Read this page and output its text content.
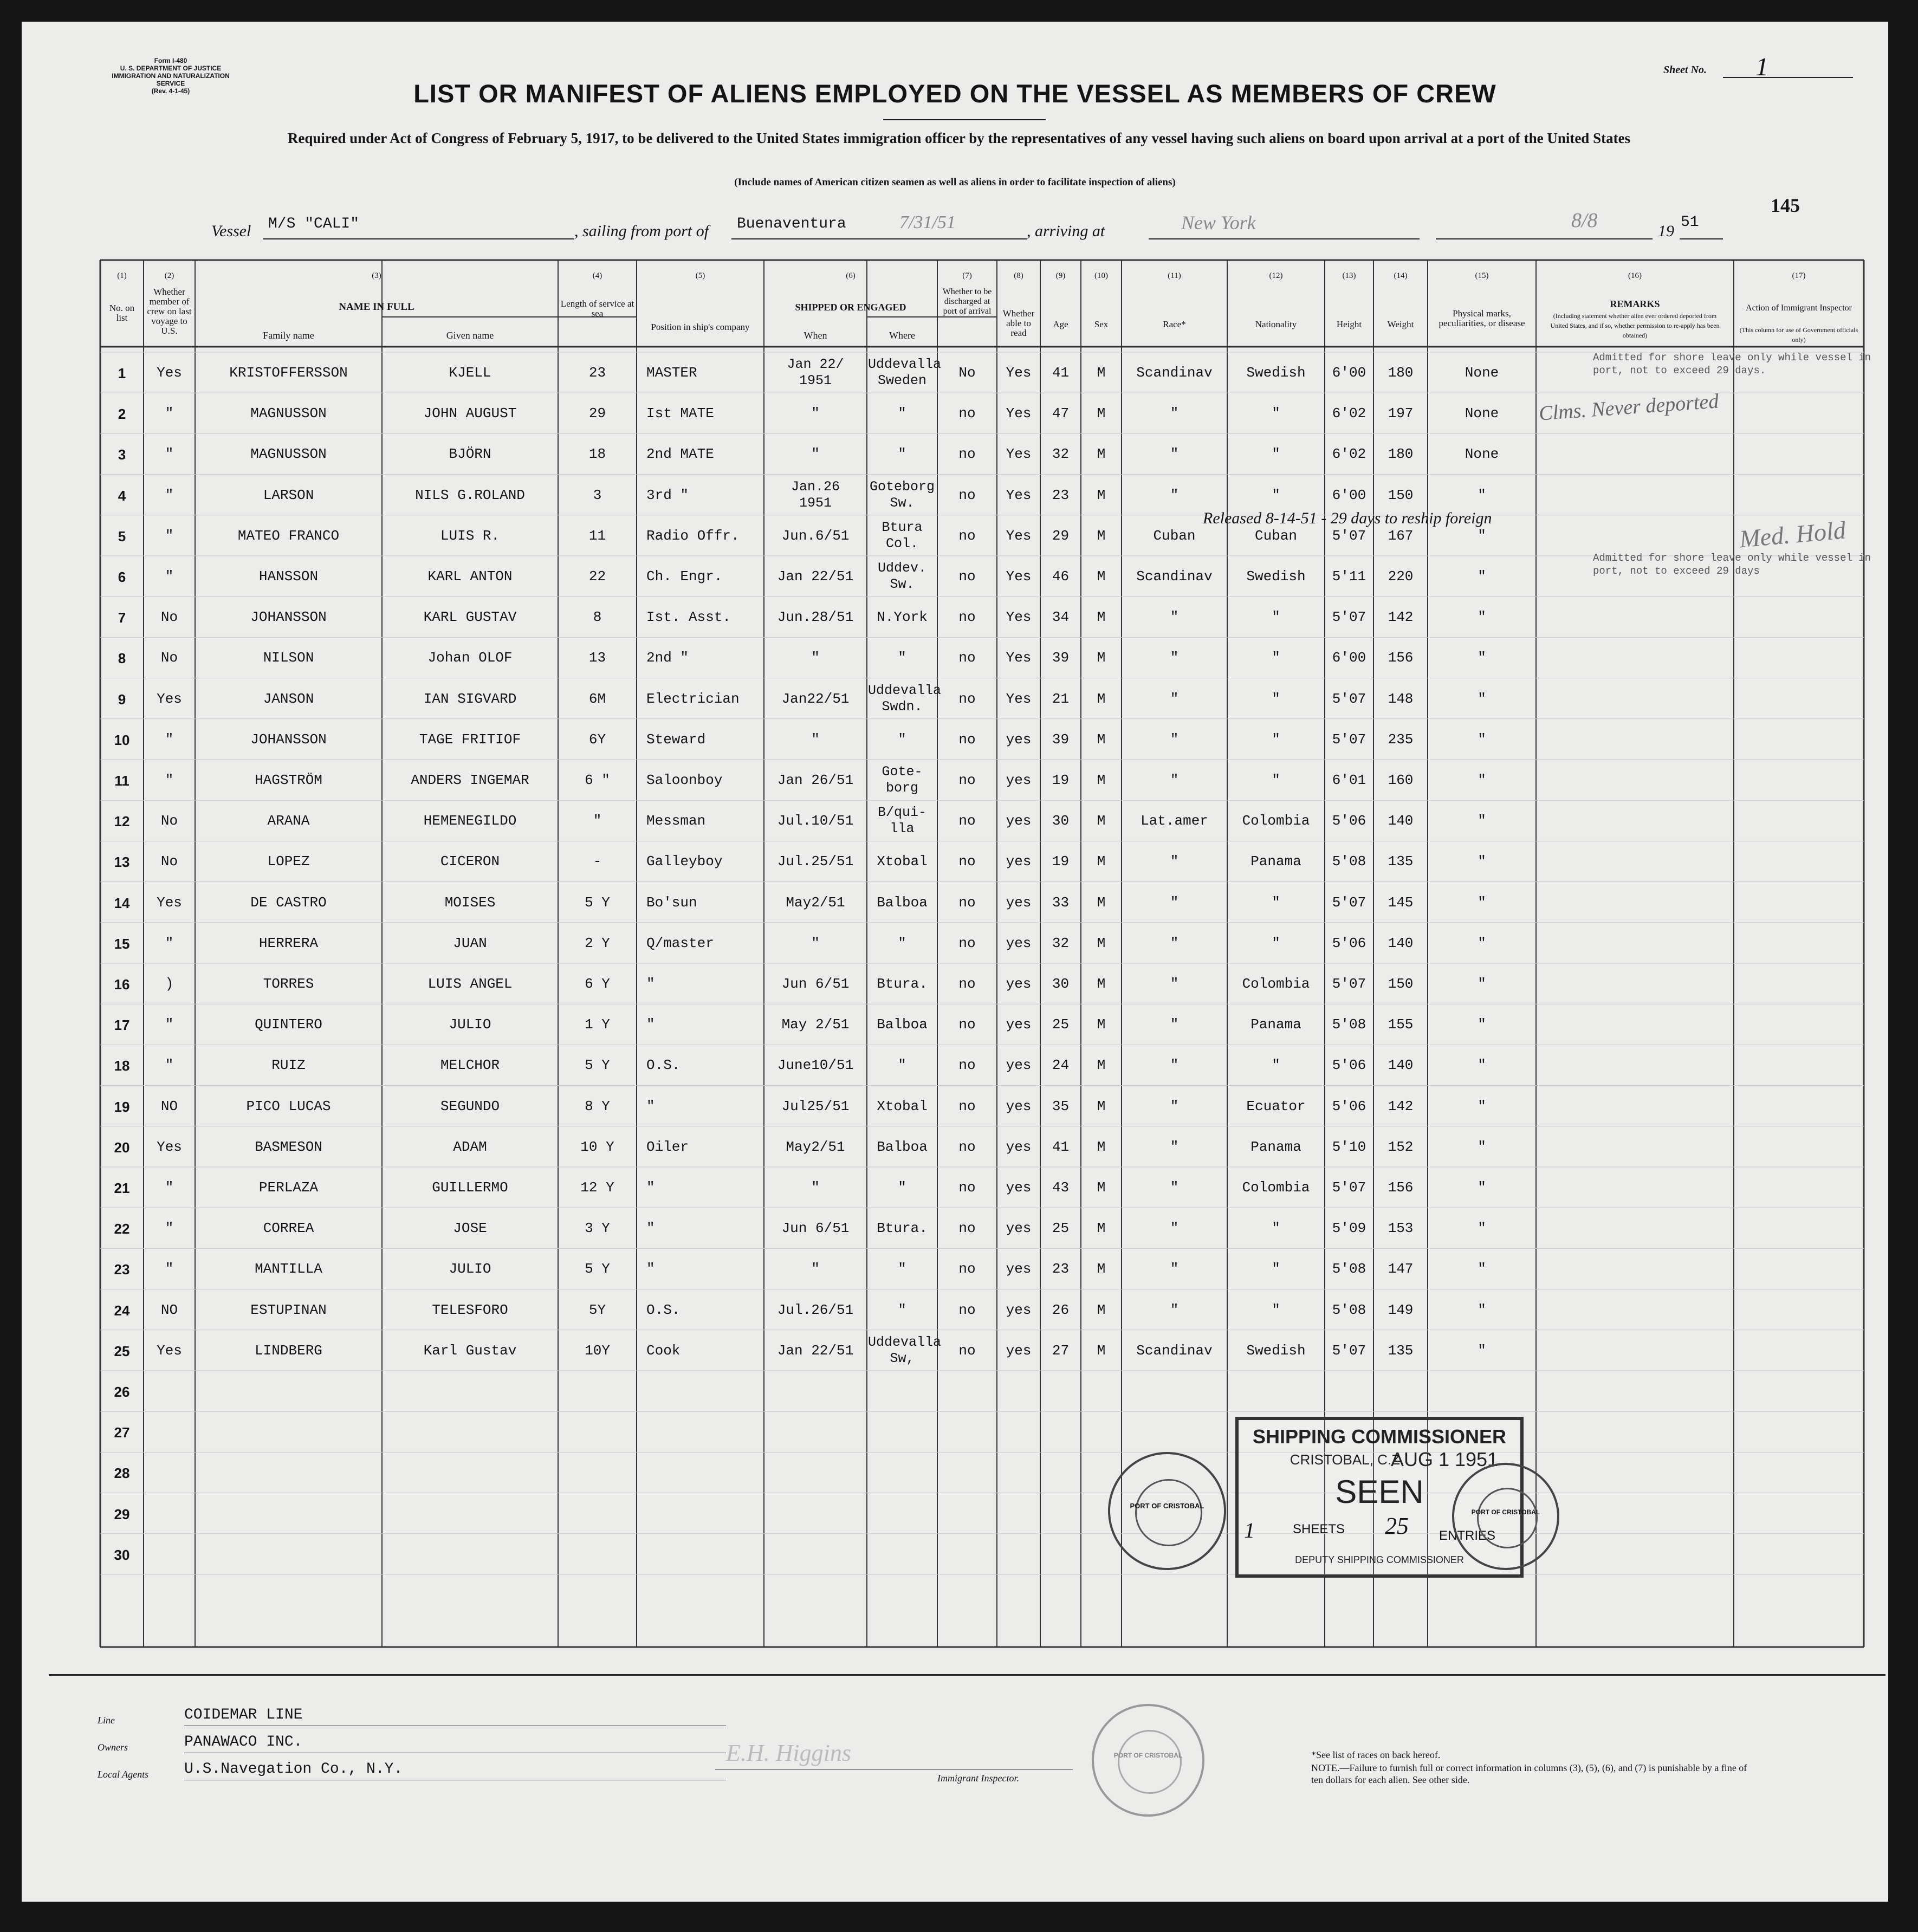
Form I-480
U. S. DEPARTMENT OF JUSTICE
IMMIGRATION AND NATURALIZATION SERVICE
(Rev. 4-1-45)
Sheet No. 1
LIST OR MANIFEST OF ALIENS EMPLOYED ON THE VESSEL AS MEMBERS OF CREW
Required under Act of Congress of February 5, 1917, to be delivered to the United States immigration officer by the representatives of any vessel having such aliens on board upon arrival at a port of the United States
(Include names of American citizen seamen as well as aliens in order to facilitate inspection of aliens)
145
Vessel M/S "CALI"	, sailing from port of Buenaventura	7/31/51	, arriving at	New York	8/8	19 51
(1)	(2)	(3)	(4)	(5)	(6)	(7)	(8)	(9)	(10)	(11)	(12)	(13)	(14)	(15)	(16)	(17)
No. on list
Whether member of crew on last voyage to U.S.
NAME IN FULL
Family name	Given name
Length of service at sea
Position in ship's company
SHIPPED OR ENGAGED
When	Where
Whether to be discharged at port of arrival	Whether able to read
Age	Sex	Race*	Nationality	Height	Weight
Physical marks, peculiarities, or disease
REMARKS
(Including statement whether alien ever ordered deported from United States, and if so, whether permission to re-apply has been obtained)
Action of Immigrant Inspector
(This column for use of Government officials only)
1	Yes	KRISTOFFERSSON	KJELL	23	MASTER
Jan 22/
1951
Uddevalla
Sweden	No	Yes	41	M	Scandinav	Swedish	6'00	180	None
2	"	MAGNUSSON	JOHN AUGUST	29	Ist MATE	"	"	no	Yes	47	M	"	"	6'02	197	None
3	"	MAGNUSSON	BJÖRN	18	2nd MATE	"	"	no	Yes	32	M	"	"	6'02	180	None
4	"	LARSON	NILS G.ROLAND	3	3rd "
Jan.26
1951
Goteborg
Sw.	no	Yes	23	M	"	"	6'00	150	"
5	"	MATEO FRANCO	LUIS R.	11	Radio Offr.	Jun.6/51
Btura
Col.	no	Yes	29	M	Cuban	Cuban	5'07	167	"
6	"	HANSSON	KARL ANTON	22	Ch. Engr.	Jan 22/51
Uddev.
Sw.	no	Yes	46	M	Scandinav	Swedish	5'11	220	"
7	No	JOHANSSON	KARL GUSTAV	8	Ist. Asst.	Jun.28/51	N.York	no	Yes	34	M	"	"	5'07	142	"
8	No	NILSON	Johan OLOF	13	2nd "	"	"	no	Yes	39	M	"	"	6'00	156	"
9	Yes	JANSON	IAN SIGVARD	6M	Electrician	Jan22/51
Uddevalla
Swdn.	no	Yes	21	M	"	"	5'07	148	"
10	"	JOHANSSON	TAGE FRITIOF	6Y	Steward	"	"	no	yes	39	M	"	"	5'07	235	"
11	"	HAGSTRÖM	ANDERS INGEMAR	6 "	Saloonboy	Jan 26/51
Gote-
borg	no	yes	19	M	"	"	6'01	160	"
12	No	ARANA	HEMENEGILDO	"	Messman	Jul.10/51
B/qui-
lla	no	yes	30	M	Lat.amer	Colombia	5'06	140	"
13	No	LOPEZ	CICERON	-	Galleyboy	Jul.25/51	Xtobal	no	yes	19	M	"	Panama	5'08	135	"
14	Yes	DE CASTRO	MOISES	5 Y	Bo'sun	May2/51	Balboa	no	yes	33	M	"	"	5'07	145	"
15	"	HERRERA	JUAN	2 Y	Q/master	"	"	no	yes	32	M	"	"	5'06	140	"
16	)	TORRES	LUIS ANGEL	6 Y	"	Jun 6/51	Btura.	no	yes	30	M	"	Colombia	5'07	150	"
17	"	QUINTERO	JULIO	1 Y	"	May 2/51	Balboa	no	yes	25	M	"	Panama	5'08	155	"
18	"	RUIZ	MELCHOR	5 Y	O.S.	June10/51	"	no	yes	24	M	"	"	5'06	140	"
19	NO	PICO LUCAS	SEGUNDO	8 Y	"	Jul25/51	Xtobal	no	yes	35	M	"	Ecuator	5'06	142	"
20	Yes	BASMESON	ADAM	10 Y	Oiler	May2/51	Balboa	no	yes	41	M	"	Panama	5'10	152	"
21	"	PERLAZA	GUILLERMO	12 Y	"	"	"	no	yes	43	M	"	Colombia	5'07	156	"
22	"	CORREA	JOSE	3 Y	"	Jun 6/51	Btura.	no	yes	25	M	"	"	5'09	153	"
23	"	MANTILLA	JULIO	5 Y	"	"	"	no	yes	23	M	"	"	5'08	147	"
24	NO	ESTUPINAN	TELESFORO	5Y	O.S.	Jul.26/51	"	no	yes	26	M	"	"	5'08	149	"
25	Yes	LINDBERG	Karl Gustav	10Y	Cook	Jan 22/51
Uddevalla
Sw,	no	yes	27	M	Scandinav	Swedish	5'07	135	"
26
27
28
29
30
Admitted for shore leave only while vessel in port, not to exceed 29 days.
Clms. Never deported
Released 8-14-51 - 29 days to reship foreign
Admitted for shore leave only while vessel in port, not to exceed 29 days
Med. Hold
SHIPPING COMMISSIONER
CRISTOBAL, C.Z.
AUG 1 1951
SEEN
1	SHEETS 25 ENTRIES
DEPUTY SHIPPING COMMISSIONER
PORT OF CRISTOBAL
PORT OF CRISTOBAL
Line	COIDEMAR LINE
Owners	PANAWACO INC.
Local Agents U.S.Navegation Co., N.Y.
E.H. Higgins
Immigrant Inspector.
PORT OF CRISTOBAL	*See list of races on back hereof.
NOTE.—Failure to furnish full or correct information in columns (3), (5), (6), and (7) is punishable by a fine of ten dollars for each alien. See other side.
